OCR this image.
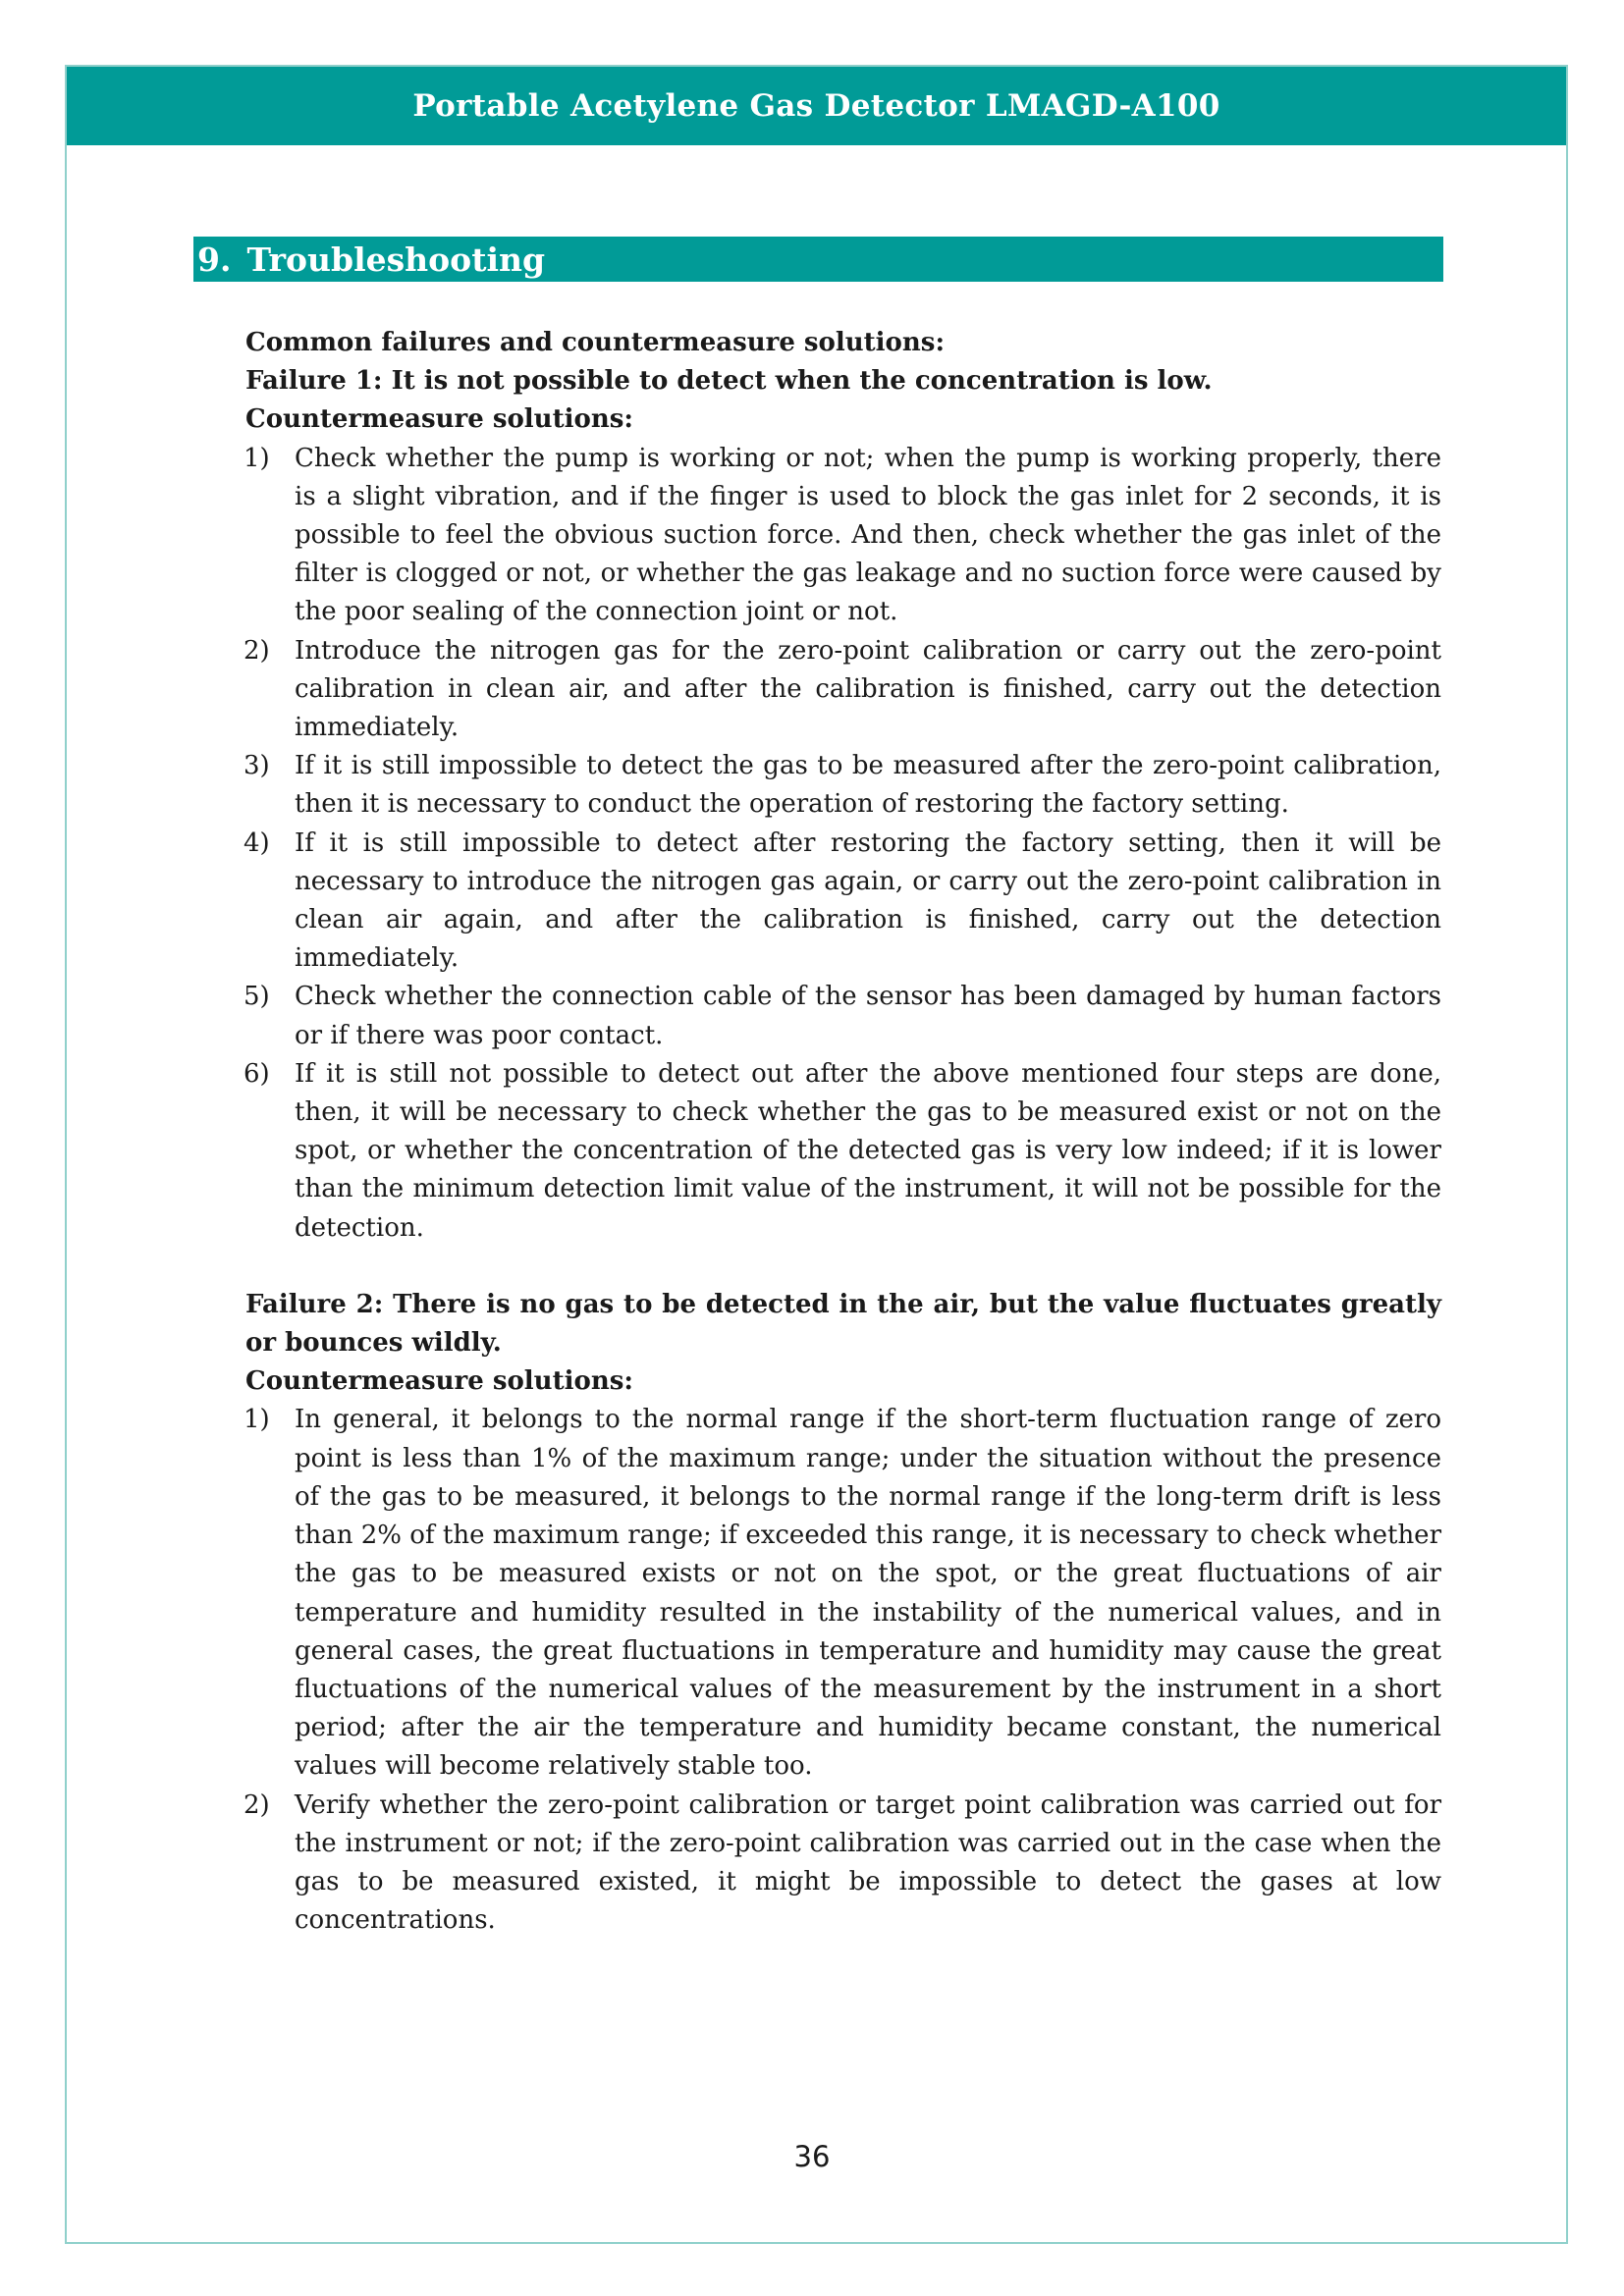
Portable Acetylene Gas Detector LMAGD-A100
9. Troubleshooting
Common failures and countermeasure solutions:
Failure 1: It is not possible to detect when the concentration is low.
Countermeasure solutions:
1) Check whether the pump is working or not; when the pump is working properly, there is a slight vibration, and if the finger is used to block the gas inlet for 2 seconds, it is possible to feel the obvious suction force. And then, check whether the gas inlet of the filter is clogged or not, or whether the gas leakage and no suction force were caused by the poor sealing of the connection joint or not.
2) Introduce the nitrogen gas for the zero-point calibration or carry out the zero-point calibration in clean air, and after the calibration is finished, carry out the detection immediately.
3) If it is still impossible to detect the gas to be measured after the zero-point calibration, then it is necessary to conduct the operation of restoring the factory setting.
4) If it is still impossible to detect after restoring the factory setting, then it will be necessary to introduce the nitrogen gas again, or carry out the zero-point calibration in clean air again, and after the calibration is finished, carry out the detection immediately.
5) Check whether the connection cable of the sensor has been damaged by human factors or if there was poor contact.
6) If it is still not possible to detect out after the above mentioned four steps are done, then, it will be necessary to check whether the gas to be measured exist or not on the spot, or whether the concentration of the detected gas is very low indeed; if it is lower than the minimum detection limit value of the instrument, it will not be possible for the detection.
Failure 2: There is no gas to be detected in the air, but the value fluctuates greatly or bounces wildly.
Countermeasure solutions:
1) In general, it belongs to the normal range if the short-term fluctuation range of zero point is less than 1% of the maximum range; under the situation without the presence of the gas to be measured, it belongs to the normal range if the long-term drift is less than 2% of the maximum range; if exceeded this range, it is necessary to check whether the gas to be measured exists or not on the spot, or the great fluctuations of air temperature and humidity resulted in the instability of the numerical values, and in general cases, the great fluctuations in temperature and humidity may cause the great fluctuations of the numerical values of the measurement by the instrument in a short period; after the air the temperature and humidity became constant, the numerical values will become relatively stable too.
2) Verify whether the zero-point calibration or target point calibration was carried out for the instrument or not; if the zero-point calibration was carried out in the case when the gas to be measured existed, it might be impossible to detect the gases at low concentrations.
36
